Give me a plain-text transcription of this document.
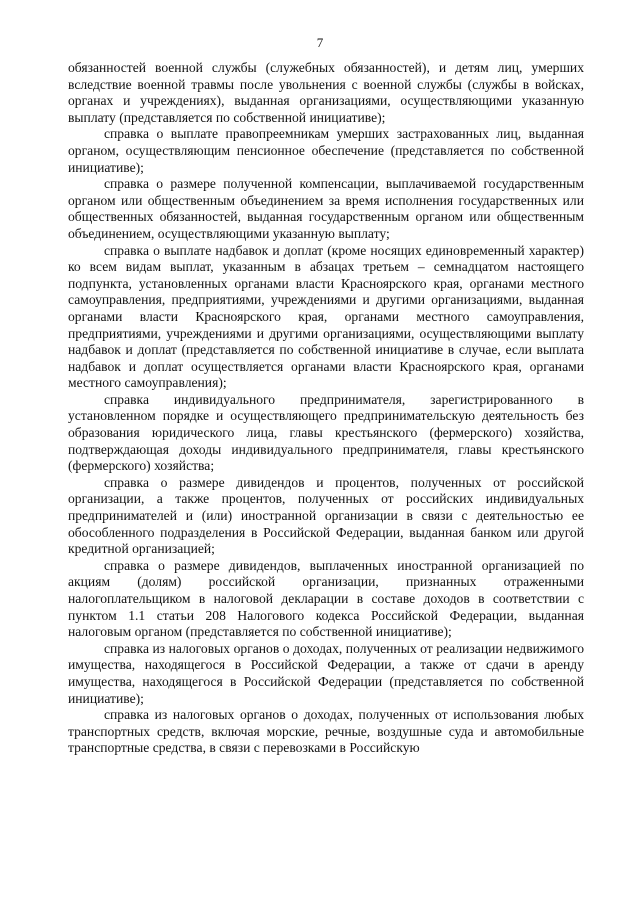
7

обязанностей военной службы (служебных обязанностей), и детям лиц, умерших вследствие военной травмы после увольнения с военной службы (службы в войсках, органах и учреждениях), выданная организациями, осуществляющими указанную выплату (представляется по собственной инициативе);

справка о выплате правопреемникам умерших застрахованных лиц, выданная органом, осуществляющим пенсионное обеспечение (представляется по собственной инициативе);

справка о размере полученной компенсации, выплачиваемой государственным органом или общественным объединением за время исполнения государственных или общественных обязанностей, выданная государственным органом или общественным объединением, осуществляющими указанную выплату;

справка о выплате надбавок и доплат (кроме носящих единовременный характер) ко всем видам выплат, указанным в абзацах третьем – семнадцатом настоящего подпункта, установленных органами власти Красноярского края, органами местного самоуправления, предприятиями, учреждениями и другими организациями, выданная органами власти Красноярского края, органами местного самоуправления, предприятиями, учреждениями и другими организациями, осуществляющими выплату надбавок и доплат (представляется по собственной инициативе в случае, если выплата надбавок и доплат осуществляется органами власти Красноярского края, органами местного самоуправления);

справка индивидуального предпринимателя, зарегистрированного в установленном порядке и осуществляющего предпринимательскую деятельность без образования юридического лица, главы крестьянского (фермерского) хозяйства, подтверждающая доходы индивидуального предпринимателя, главы крестьянского (фермерского) хозяйства;

справка о размере дивидендов и процентов, полученных от российской организации, а также процентов, полученных от российских индивидуальных предпринимателей и (или) иностранной организации в связи с деятельностью ее обособленного подразделения в Российской Федерации, выданная банком или другой кредитной организацией;

справка о размере дивидендов, выплаченных иностранной организацией по акциям (долям) российской организации, признанных отраженными налогоплательщиком в налоговой декларации в составе доходов в соответствии с пунктом 1.1 статьи 208 Налогового кодекса Российской Федерации, выданная налоговым органом (представляется по собственной инициативе);

справка из налоговых органов о доходах, полученных от реализации недвижимого имущества, находящегося в Российской Федерации, а также от сдачи в аренду имущества, находящегося в Российской Федерации (представляется по собственной инициативе);

справка из налоговых органов о доходах, полученных от использования любых транспортных средств, включая морские, речные, воздушные суда и автомобильные транспортные средства, в связи с перевозками в Российскую
